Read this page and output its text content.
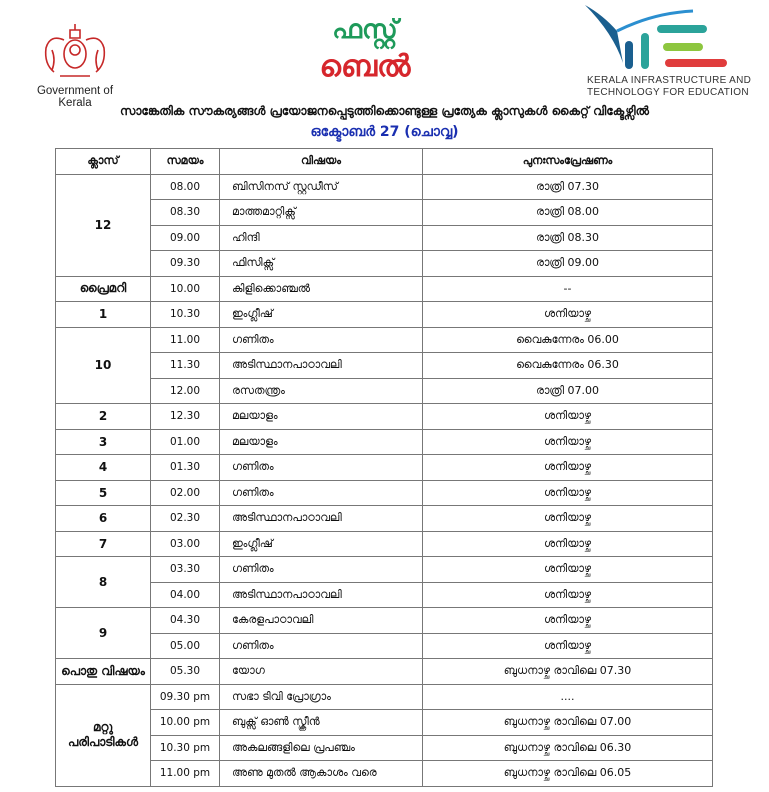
Government of Kerala
ഫസ്റ്റ്
ബെൽ	KERALA INFRASTRUCTURE AND
TECHNOLOGY FOR EDUCATION
സാങ്കേതിക സൗകര്യങ്ങൾ പ്രയോജനപ്പെടുത്തിക്കൊണ്ടുള്ള പ്രത്യേക ക്ലാസുകൾ കൈറ്റ് വിക്ടേഴ്സിൽ
ഒക്ടോബർ 27 (ചൊവ്വ)
ക്ലാസ്	സമയം	വിഷയം	പുനഃസംപ്രേഷണം
12	08.00	ബിസിനസ് സ്റ്റഡീസ്	രാത്രി 07.30
	08.30	മാത്തമാറ്റിക്സ്	രാത്രി 08.00
	09.00	ഹിന്ദി	രാത്രി 08.30
	09.30	ഫിസിക്സ്	രാത്രി 09.00
പ്രൈമറി	10.00	കിളിക്കൊഞ്ചൽ	--
1	10.30	ഇംഗ്ലീഷ്	ശനിയാഴ്ച
10	11.00	ഗണിതം	വൈകുന്നേരം 06.00
	11.30	അടിസ്ഥാനപാഠാവലി	വൈകുന്നേരം 06.30
	12.00	രസതന്ത്രം	രാത്രി 07.00
2	12.30	മലയാളം	ശനിയാഴ്ച
3	01.00	മലയാളം	ശനിയാഴ്ച
4	01.30	ഗണിതം	ശനിയാഴ്ച
5	02.00	ഗണിതം	ശനിയാഴ്ച
6	02.30	അടിസ്ഥാനപാഠാവലി	ശനിയാഴ്ച
7	03.00	ഇംഗ്ലീഷ്	ശനിയാഴ്ച
8	03.30	ഗണിതം	ശനിയാഴ്ച
	04.00	അടിസ്ഥാനപാഠാവലി	ശനിയാഴ്ച
9	04.30	കേരളപാഠാവലി	ശനിയാഴ്ച
	05.00	ഗണിതം	ശനിയാഴ്ച
പൊതു വിഷയം	05.30	യോഗ	ബുധനാഴ്ച രാവിലെ 07.30
മറ്റു പരിപാടികൾ	09.30 pm	സഭാ ടിവി പ്രോഗ്രാം	....
	10.00 pm	ബുക്സ് ഓൺ സ്ക്രീൻ	ബുധനാഴ്ച രാവിലെ 07.00
	10.30 pm	അകലങ്ങളിലെ പ്രപഞ്ചം	ബുധനാഴ്ച രാവിലെ 06.30
	11.00 pm	അണു മുതൽ ആകാശം വരെ	ബുധനാഴ്ച രാവിലെ 06.05
